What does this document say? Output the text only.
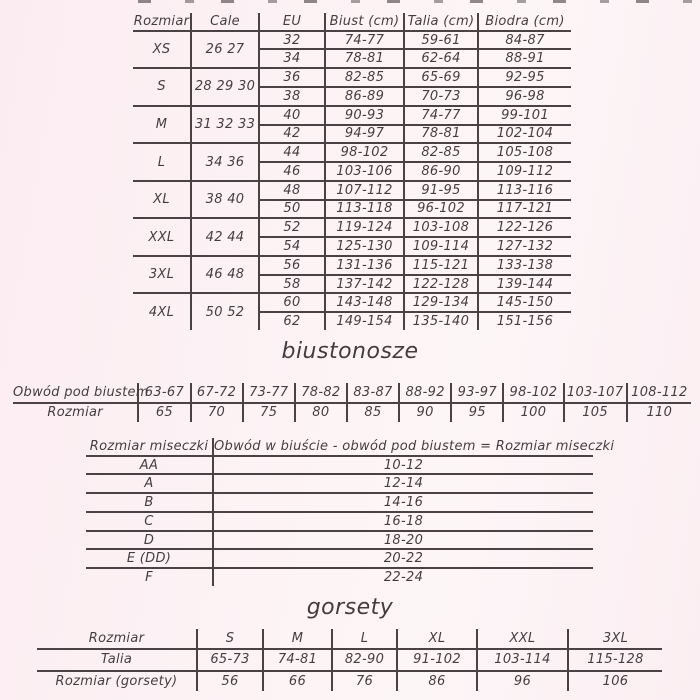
Rozmiar	Cale	EU	Biust (cm)	Talia (cm)	Biodra (cm)
XS	26 27	32	74-77	59-61	84-87
		34	78-81	62-64	88-91
S	28 29 30	36	82-85	65-69	92-95
		38	86-89	70-73	96-98
M	31 32 33	40	90-93	74-77	99-101
		42	94-97	78-81	102-104
L	34 36	44	98-102	82-85	105-108
		46	103-106	86-90	109-112
XL	38 40	48	107-112	91-95	113-116
		50	113-118	96-102	117-121
XXL	42 44	52	119-124	103-108	122-126
		54	125-130	109-114	127-132
3XL	46 48	56	131-136	115-121	133-138
		58	137-142	122-128	139-144
4XL	50 52	60	143-148	129-134	145-150
		62	149-154	135-140	151-156
biustonosze
Obwód pod biustem	63-67	67-72	73-77	78-82	83-87	88-92	93-97	98-102	103-107	108-112
Rozmiar	65	70	75	80	85	90	95	100	105	110
Rozmiar miseczki	Obwód w biuście - obwód pod biustem = Rozmiar miseczki
AA	10-12
A	12-14
B	14-16
C	16-18
D	18-20
E (DD)	20-22
F	22-24
gorsety
Rozmiar	S	M	L	XL	XXL	3XL
Talia	65-73	74-81	82-90	91-102	103-114	115-128
Rozmiar (gorsety)	56	66	76	86	96	106
